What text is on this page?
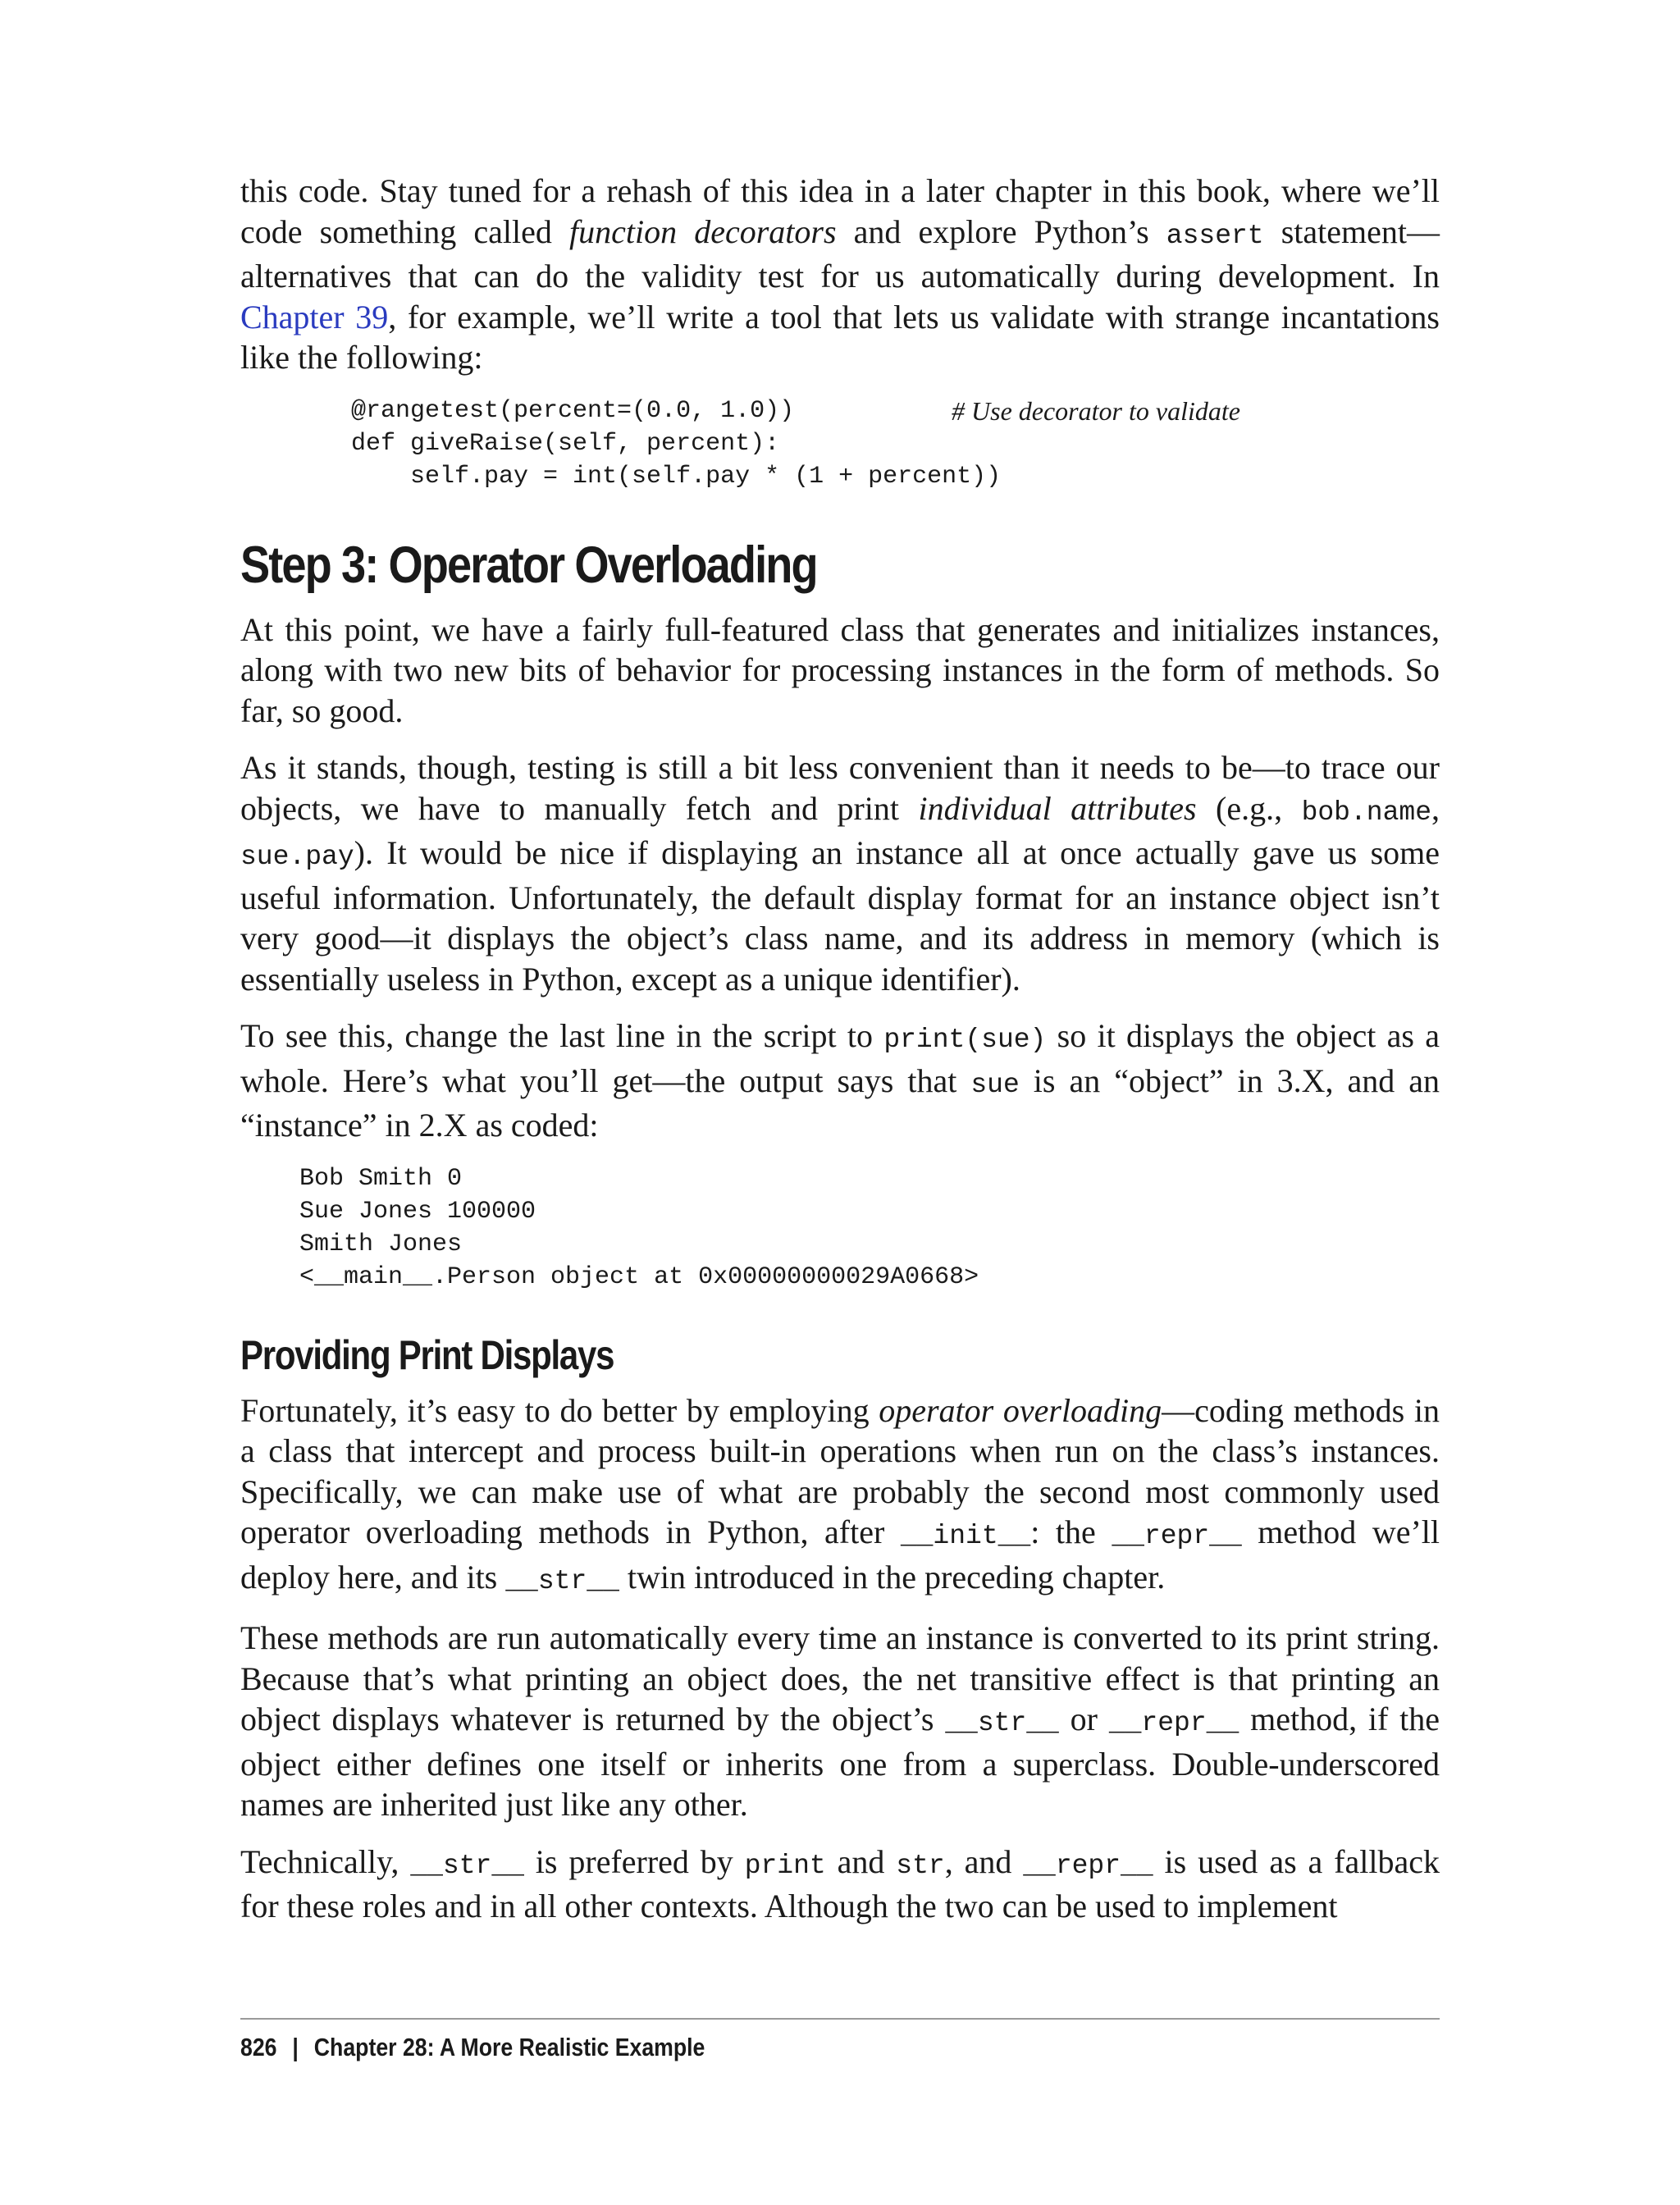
this code. Stay tuned for a rehash of this idea in a later chapter in this book, where we’ll code something called function decorators and explore Python’s assert statement—alternatives that can do the validity test for us automatically during development. In Chapter 39, for example, we’ll write a tool that lets us validate with strange incantations like the following:

@rangetest(percent=(0.0, 1.0))
def giveRaise(self, percent):
self.pay = int(self.pay * (1 + percent))
# Use decorator to validate
Step 3: Operator Overloading

At this point, we have a fairly full-featured class that generates and initializes instances, along with two new bits of behavior for processing instances in the form of methods. So far, so good.

As it stands, though, testing is still a bit less convenient than it needs to be—to trace our objects, we have to manually fetch and print individual attributes (e.g., bob.name, sue.pay). It would be nice if displaying an instance all at once actually gave us some useful information. Unfortunately, the default display format for an instance object isn’t very good—it displays the object’s class name, and its address in memory (which is essentially useless in Python, except as a unique identifier).

To see this, change the last line in the script to print(sue) so it displays the object as a whole. Here’s what you’ll get—the output says that sue is an “object” in 3.X, and an “instance” in 2.X as coded:

Bob Smith 0
Sue Jones 100000
Smith Jones
<__main__.Person object at 0x00000000029A0668>
Providing Print Displays

Fortunately, it’s easy to do better by employing operator overloading—coding methods in a class that intercept and process built-in operations when run on the class’s instances. Specifically, we can make use of what are probably the second most commonly used operator overloading methods in Python, after __init__: the __repr__ method we’ll deploy here, and its __str__ twin introduced in the preceding chapter.

These methods are run automatically every time an instance is converted to its print string. Because that’s what printing an object does, the net transitive effect is that printing an object displays whatever is returned by the object’s __str__ or __repr__ method, if the object either defines one itself or inherits one from a superclass. Double-underscored names are inherited just like any other.

Technically, __str__ is preferred by print and str, and __repr__ is used as a fallback for these roles and in all other contexts. Although the two can be used to implement

826 | Chapter 28: A More Realistic Example
